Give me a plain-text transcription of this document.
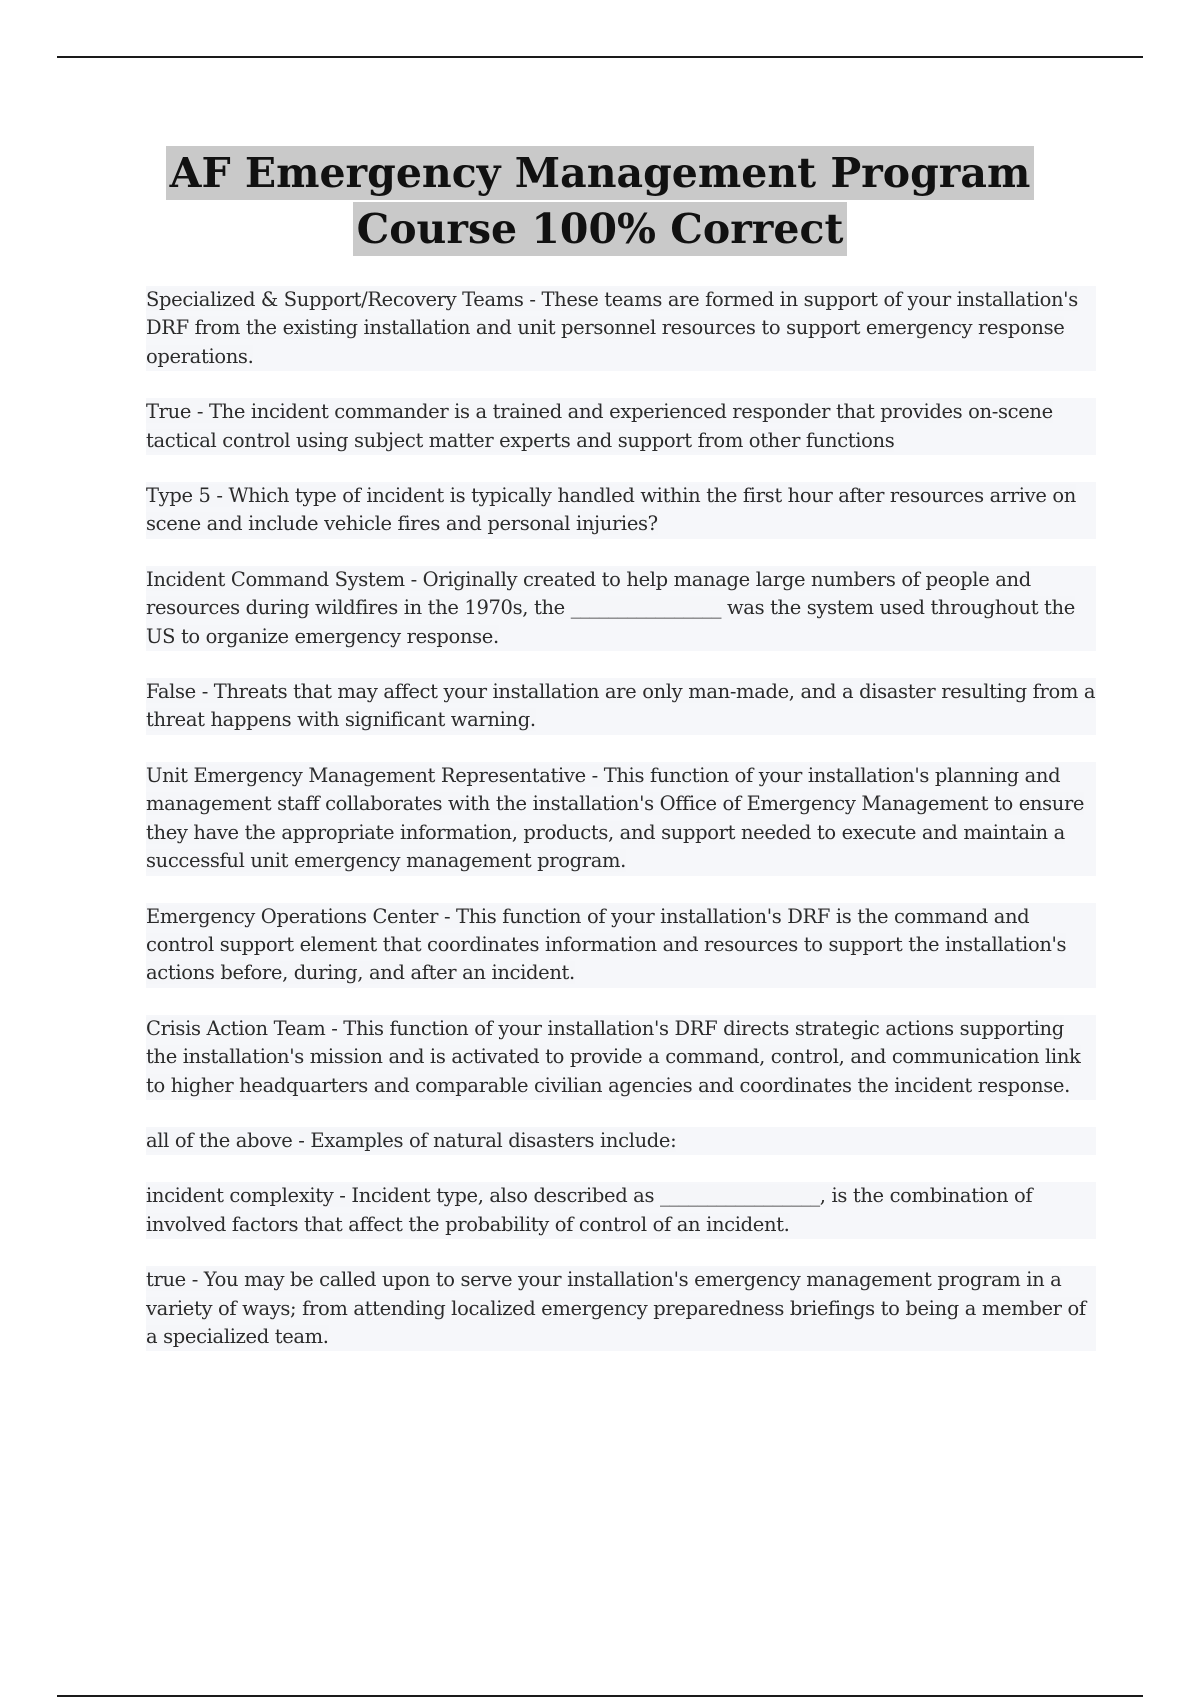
AF Emergency Management Program
Course 100% Correct

Specialized & Support/Recovery Teams - These teams are formed in support of your installation's DRF from the existing installation and unit personnel resources to support emergency response operations.

True - The incident commander is a trained and experienced responder that provides on-scene tactical control using subject matter experts and support from other functions

Type 5 - Which type of incident is typically handled within the first hour after resources arrive on scene and include vehicle fires and personal injuries?

Incident Command System - Originally created to help manage large numbers of people and resources during wildfires in the 1970s, the ________________ was the system used throughout the US to organize emergency response.

False - Threats that may affect your installation are only man-made, and a disaster resulting from a threat happens with significant warning.

Unit Emergency Management Representative - This function of your installation's planning and management staff collaborates with the installation's Office of Emergency Management to ensure they have the appropriate information, products, and support needed to execute and maintain a successful unit emergency management program.

Emergency Operations Center - This function of your installation's DRF is the command and control support element that coordinates information and resources to support the installation's actions before, during, and after an incident.

Crisis Action Team - This function of your installation's DRF directs strategic actions supporting the installation's mission and is activated to provide a command, control, and communication link to higher headquarters and comparable civilian agencies and coordinates the incident response.

all of the above - Examples of natural disasters include:

incident complexity - Incident type, also described as _________________, is the combination of involved factors that affect the probability of control of an incident.

true - You may be called upon to serve your installation's emergency management program in a variety of ways; from attending localized emergency preparedness briefings to being a member of a specialized team.
